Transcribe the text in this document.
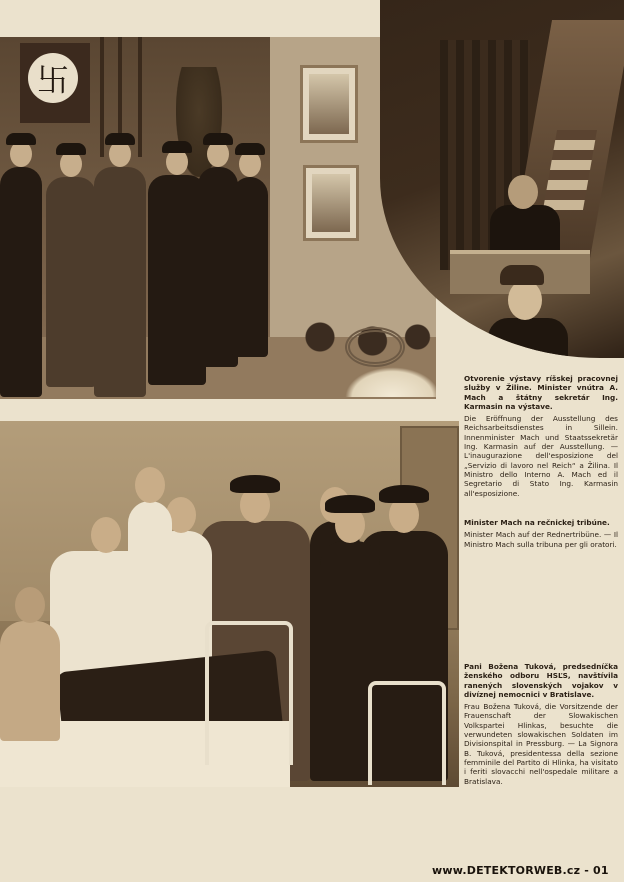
卐
F STK
Otvorenie výstavy ríšskej pracovnej služby v Žiline. Minister vnútra A. Mach a štátny sekretár Ing. Karmasin na výstave.
Die Eröffnung der Ausstellung des Reichsarbeitsdienstes in Sillein. Innenminister Mach und Staatssekretär Ing. Karmasin auf der Ausstellung. — L'inaugurazione dell'esposizione del „Servizio di lavoro nel Reich“ a Žilina. Il Ministro dello Interno A. Mach ed il Segretario di Stato Ing. Karmasin all'esposizione.
Minister Mach na rečnickej tribúne.
Minister Mach auf der Rednertribüne. — Il Ministro Mach sulla tribuna per gli oratori.
Pani Božena Tuková, predsedníčka ženského odboru HSĽS, navštívila ranených slovenských vojakov v divíznej nemocnici v Bratislave.
Frau Božena Tuková, die Vorsitzende der Frauenschaft der Slowakischen Volkspartei Hlinkas, besuchte die verwundeten slowakischen Soldaten im Divisionspital in Pressburg. — La Signora B. Tuková, presidentessa della sezione femminile del Partito di Hlinka, ha visitato i feriti slovacchi nell'ospedale militare a Bratislava.
www.DETEKTORWEB.cz - 01
